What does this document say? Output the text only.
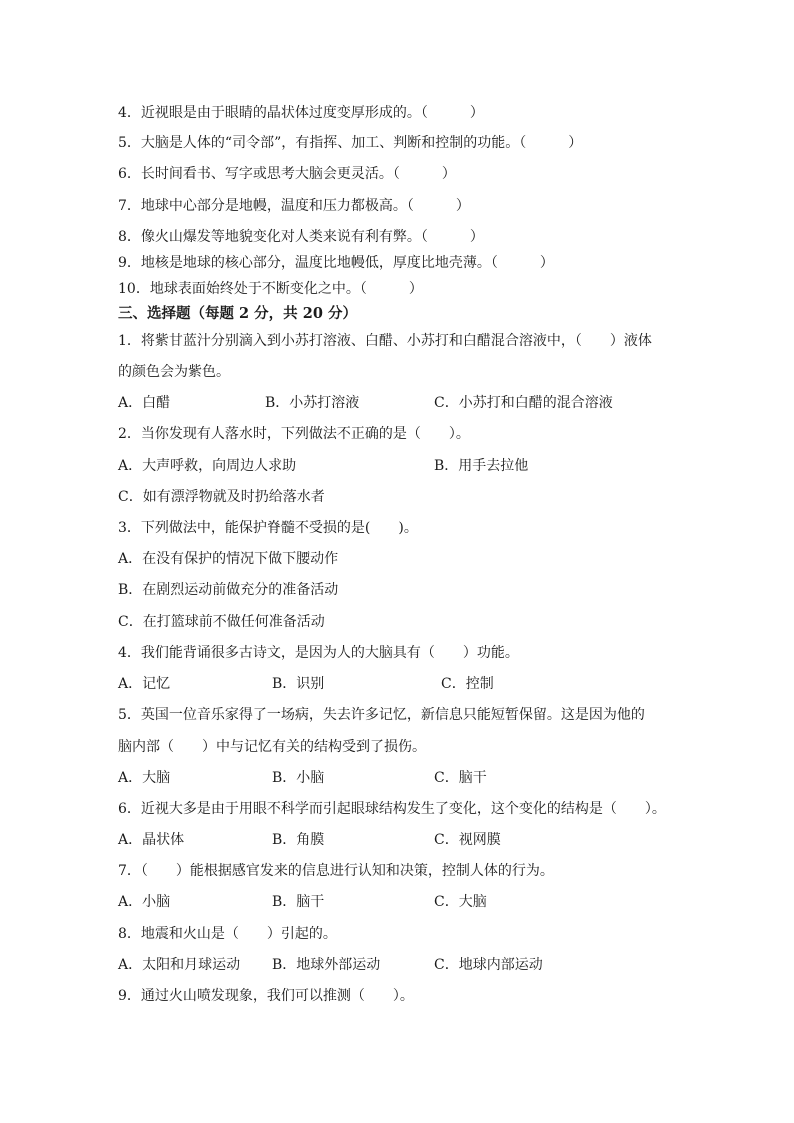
4．近视眼是由于眼睛的晶状体过度变厚形成的。（　　　）
5．大脑是人体的“司令部”，有指挥、加工、判断和控制的功能。（　　　）
6．长时间看书、写字或思考大脑会更灵活。（　　　）
7．地球中心部分是地幔，温度和压力都极高。（　　　）
8．像火山爆发等地貌变化对人类来说有利有弊。（　　　）
9．地核是地球的核心部分，温度比地幔低，厚度比地壳薄。（　　　）
10．地球表面始终处于不断变化之中。（　　　）
三、选择题（每题 2 分，共 20 分）
1．将紫甘蓝汁分别滴入到小苏打溶液、白醋、小苏打和白醋混合溶液中，（　　）液体
的颜色会为紫色。
A．白醋	B．小苏打溶液	C．小苏打和白醋的混合溶液
2．当你发现有人落水时，下列做法不正确的是（　　）。
A．大声呼救，向周边人求助	B．用手去拉他
C．如有漂浮物就及时扔给落水者
3．下列做法中，能保护脊髓不受损的是(　　)。
A．在没有保护的情况下做下腰动作
B．在剧烈运动前做充分的准备活动
C．在打篮球前不做任何准备活动
4．我们能背诵很多古诗文，是因为人的大脑具有（　　）功能。
A．记忆	B．识别	C．控制
5．英国一位音乐家得了一场病，失去许多记忆，新信息只能短暂保留。这是因为他的
脑内部（　　）中与记忆有关的结构受到了损伤。
A．大脑	B．小脑	C．脑干
6．近视大多是由于用眼不科学而引起眼球结构发生了变化，这个变化的结构是（　　）。
A．晶状体	B．角膜	C．视网膜
7．（　　）能根据感官发来的信息进行认知和决策，控制人体的行为。
A．小脑	B．脑干	C．大脑
8．地震和火山是（　　）引起的。
A．太阳和月球运动 B．地球外部运动	C．地球内部运动
9．通过火山喷发现象，我们可以推测（　　）。
